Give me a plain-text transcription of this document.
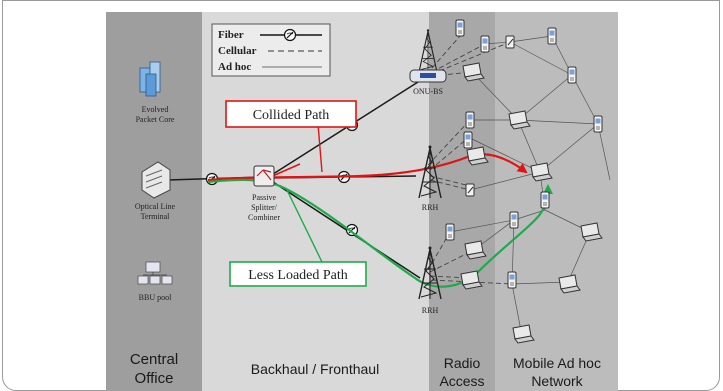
Fiber
Cellular
Ad hoc
Collided Path
Less Loaded Path
Evolved
Packet Core
Optical Line
Terminal
BBU pool
Passive
Splitter/
Combiner
ONU-BS
RRH
RRH
Central
Office
Backhaul / Fronthaul	Radio
Access
Mobile Ad hoc
Network
